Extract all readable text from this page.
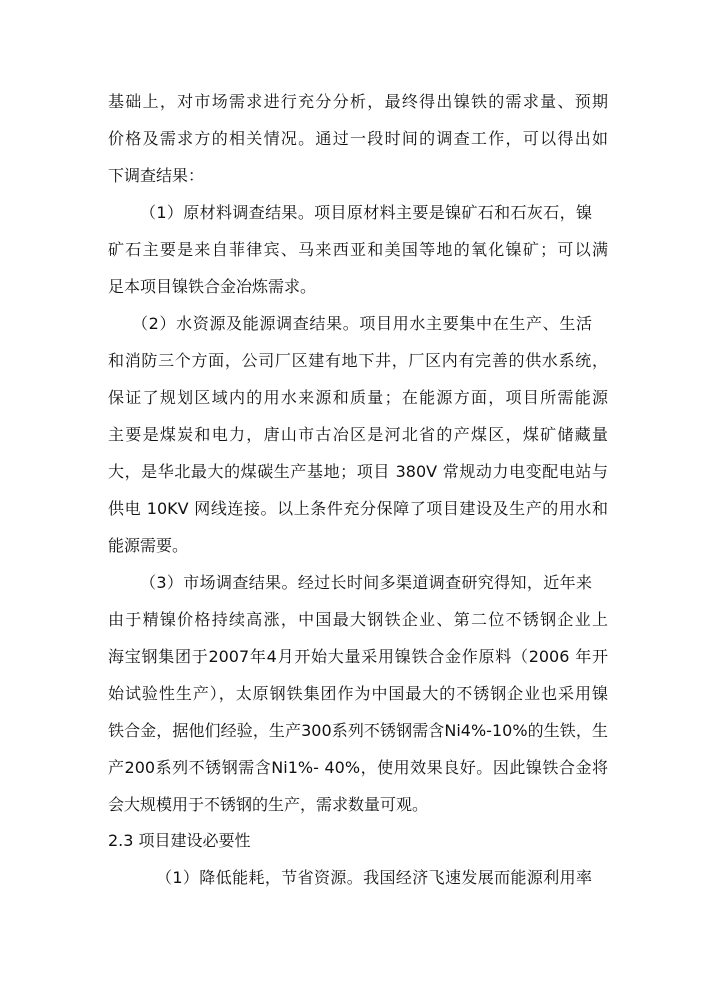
基础上，对市场需求进行充分分析，最终得出镍铁的需求量、预期
价格及需求方的相关情况。通过一段时间的调查工作，可以得出如
下调查结果：
（1）原材料调查结果。项目原材料主要是镍矿石和石灰石，镍
矿石主要是来自菲律宾、马来西亚和美国等地的氧化镍矿；可以满
足本项目镍铁合金冶炼需求。
（2）水资源及能源调查结果。项目用水主要集中在生产、生活
和消防三个方面，公司厂区建有地下井，厂区内有完善的供水系统，
保证了规划区域内的用水来源和质量；在能源方面，项目所需能源
主要是煤炭和电力，唐山市古冶区是河北省的产煤区，煤矿储藏量
大，是华北最大的煤碳生产基地；项目 380V 常规动力电变配电站与
供电 10KV 网线连接。以上条件充分保障了项目建设及生产的用水和
能源需要。
（3）市场调查结果。经过长时间多渠道调查研究得知，近年来
由于精镍价格持续高涨，中国最大钢铁企业、第二位不锈钢企业上
海宝钢集团于2007年4月开始大量采用镍铁合金作原料（2006 年开
始试验性生产），太原钢铁集团作为中国最大的不锈钢企业也采用镍
铁合金，据他们经验，生产300系列不锈钢需含Ni4%-10%的生铁，生
产200系列不锈钢需含Ni1%- 40%，使用效果良好。因此镍铁合金将
会大规模用于不锈钢的生产，需求数量可观。
2.3 项目建设必要性
（1）降低能耗，节省资源。我国经济飞速发展而能源利用率
